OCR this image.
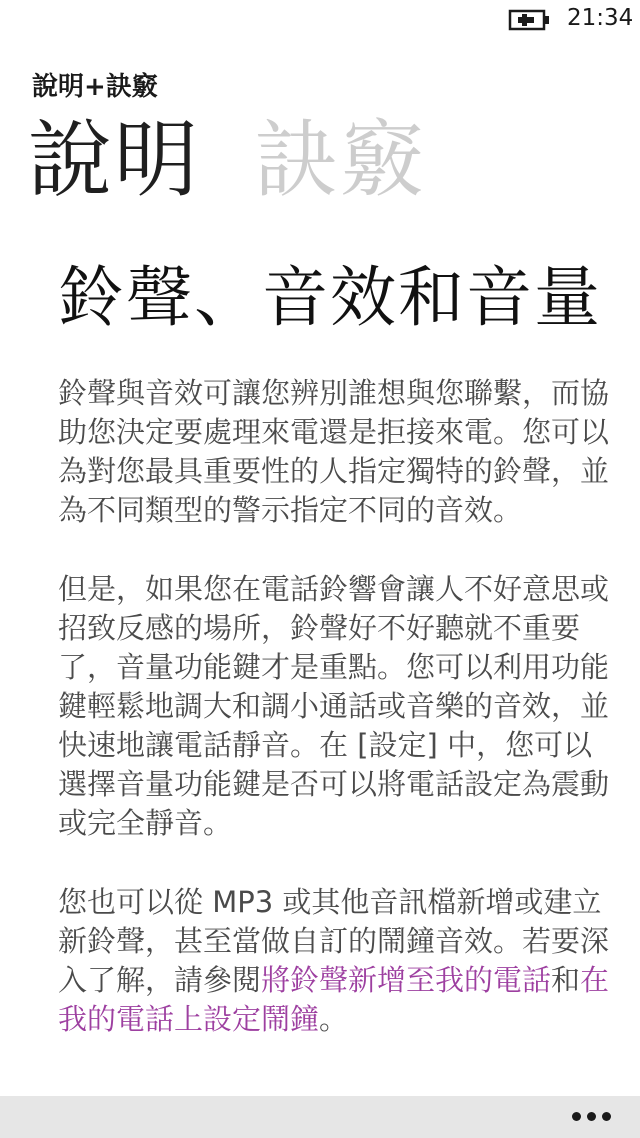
21:34
說明+訣竅
說明 訣竅
鈴聲、音效和音量

鈴聲與音效可讓您辨別誰想與您聯繫，而協助您決定要處理來電還是拒接來電。您可以為對您最具重要性的人指定獨特的鈴聲，並為不同類型的警示指定不同的音效。

但是，如果您在電話鈴響會讓人不好意思或招致反感的場所，鈴聲好不好聽就不重要了，音量功能鍵才是重點。您可以利用功能鍵輕鬆地調大和調小通話或音樂的音效，並快速地讓電話靜音。在 [設定] 中，您可以選擇音量功能鍵是否可以將電話設定為震動或完全靜音。

您也可以從 MP3 或其他音訊檔新增或建立新鈴聲，甚至當做自訂的鬧鐘音效。若要深入了解，請參閱將鈴聲新增至我的電話和在我的電話上設定鬧鐘。
